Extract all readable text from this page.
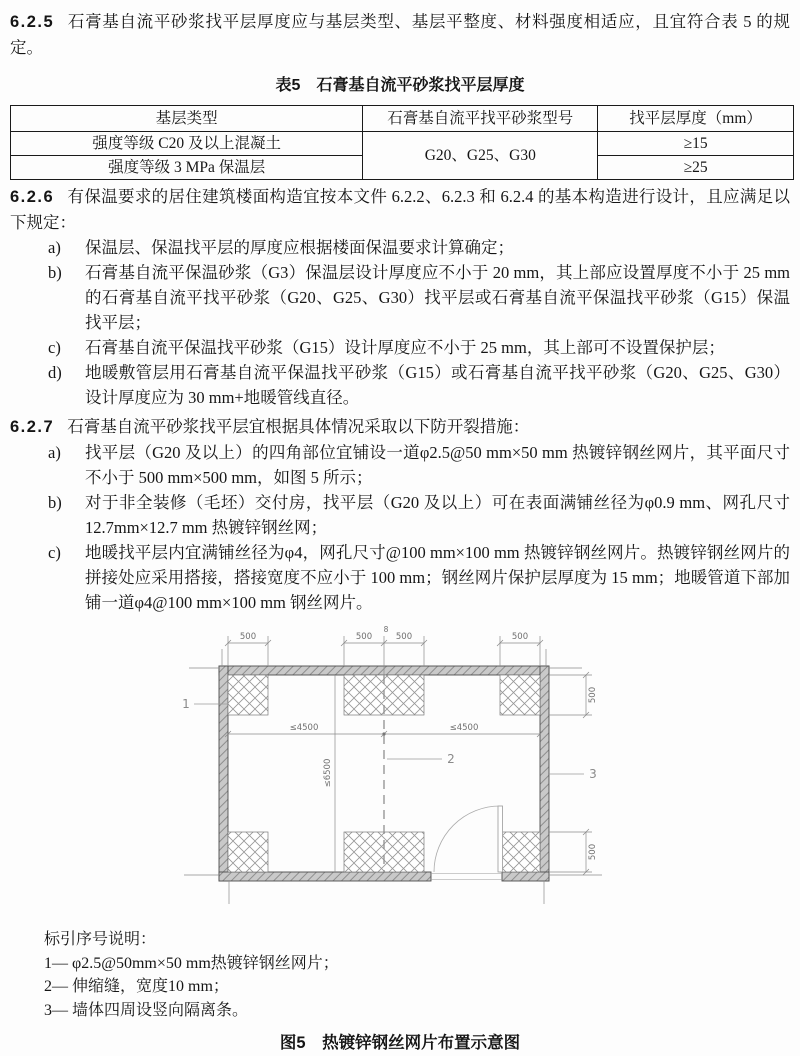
6.2.5 石膏基自流平砂浆找平层厚度应与基层类型、基层平整度、材料强度相适应，且宜符合表 5 的规定。

表5　石膏基自流平砂浆找平层厚度
基层类型	石膏基自流平找平砂浆型号	找平层厚度（mm）
强度等级 C20 及以上混凝土	G20、G25、G30	≥15
强度等级 3 MPa 保温层		≥25

6.2.6 有保温要求的居住建筑楼面构造宜按本文件 6.2.2、6.2.3 和 6.2.4 的基本构造进行设计，且应满足以下规定：

a)	保温层、保温找平层的厚度应根据楼面保温要求计算确定；
b)	石膏基自流平保温砂浆（G3）保温层设计厚度应不小于 20 mm，其上部应设置厚度不小于 25 mm 的石膏基自流平找平砂浆（G20、G25、G30）找平层或石膏基自流平保温找平砂浆（G15）保温找平层；
c)	石膏基自流平保温找平砂浆（G15）设计厚度应不小于 25 mm，其上部可不设置保护层；
d)	地暖敷管层用石膏基自流平保温找平砂浆（G15）或石膏基自流平找平砂浆（G20、G25、G30）设计厚度应为 30 mm+地暖管线直径。

6.2.7 石膏基自流平砂浆找平层宜根据具体情况采取以下防开裂措施：

a)	找平层（G20 及以上）的四角部位宜铺设一道φ2.5@50 mm×50 mm 热镀锌钢丝网片，其平面尺寸不小于 500 mm×500 mm，如图 5 所示；
b)	对于非全装修（毛坯）交付房，找平层（G20 及以上）可在表面满铺丝径为φ0.9 mm、网孔尺寸 12.7mm×12.7 mm 热镀锌钢丝网；
c)	地暖找平层内宜满铺丝径为φ4，网孔尺寸@100 mm×100 mm 热镀锌钢丝网片。热镀锌钢丝网片的拼接处应采用搭接，搭接宽度不应小于 100 mm；钢丝网片保护层厚度为 15 mm；地暖管道下部加铺一道φ4@100 mm×100 mm 钢丝网片。
≤6500
≤4500	≤4500
500	500	500	500
8
500
500
1
2
3
标引序号说明：
1— φ2.5@50mm×50 mm热镀锌钢丝网片；
2— 伸缩缝，宽度10 mm；
3— 墙体四周设竖向隔离条。
图5　热镀锌钢丝网片布置示意图
